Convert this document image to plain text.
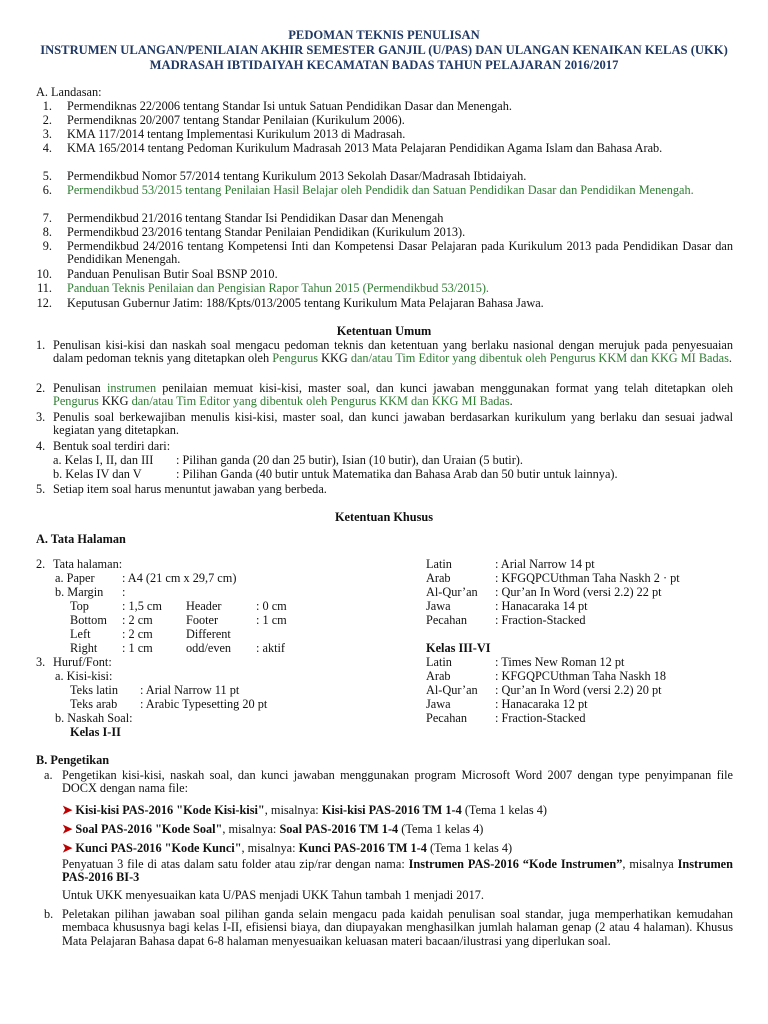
PEDOMAN TEKNIS PENULISAN
INSTRUMEN ULANGAN/PENILAIAN AKHIR SEMESTER GANJIL (U/PAS) DAN ULANGAN KENAIKAN KELAS (UKK)
MADRASAH IBTIDAIYAH KECAMATAN BADAS TAHUN PELAJARAN 2016/2017
A. Landasan:
1. Permendiknas 22/2006 tentang Standar Isi untuk Satuan Pendidikan Dasar dan Menengah.
2. Permendiknas 20/2007 tentang Standar Penilaian (Kurikulum 2006).
3. KMA 117/2014 tentang Implementasi Kurikulum 2013 di Madrasah.
4. KMA 165/2014 tentang Pedoman Kurikulum Madrasah 2013 Mata Pelajaran Pendidikan Agama Islam dan Bahasa Arab.
5. Permendikbud Nomor 57/2014 tentang Kurikulum 2013 Sekolah Dasar/Madrasah Ibtidaiyah.
6. Permendikbud 53/2015 tentang Penilaian Hasil Belajar oleh Pendidik dan Satuan Pendidikan Dasar dan Pendidikan Menengah.
7. Permendikbud 21/2016 tentang Standar Isi Pendidikan Dasar dan Menengah
8. Permendikbud 23/2016 tentang Standar Penilaian Pendidikan (Kurikulum 2013).
9. Permendikbud 24/2016 tentang Kompetensi Inti dan Kompetensi Dasar Pelajaran pada Kurikulum 2013 pada Pendidikan Dasar dan Pendidikan Menengah.
10. Panduan Penulisan Butir Soal BSNP 2010.
11. Panduan Teknis Penilaian dan Pengisian Rapor Tahun 2015 (Permendikbud 53/2015).
12. Keputusan Gubernur Jatim: 188/Kpts/013/2005 tentang Kurikulum Mata Pelajaran Bahasa Jawa.
Ketentuan Umum
1. Penulisan kisi-kisi dan naskah soal mengacu pedoman teknis dan ketentuan yang berlaku nasional dengan merujuk pada penyesuaian dalam pedoman teknis yang ditetapkan oleh Pengurus KKG dan/atau Tim Editor yang dibentuk oleh Pengurus KKM dan KKG MI Badas.
2. Penulisan instrumen penilaian memuat kisi-kisi, master soal, dan kunci jawaban menggunakan format yang telah ditetapkan oleh Pengurus KKG dan/atau Tim Editor yang dibentuk oleh Pengurus KKM dan KKG MI Badas.
3. Penulis soal berkewajiban menulis kisi-kisi, master soal, dan kunci jawaban berdasarkan kurikulum yang berlaku dan sesuai jadwal kegiatan yang ditetapkan.
4. Bentuk soal terdiri dari:
a. Kelas I, II, dan III : Pilihan ganda (20 dan 25 butir), Isian (10 butir), dan Uraian (5 butir).
b. Kelas IV dan V	: Pilihan Ganda (40 butir untuk Matematika dan Bahasa Arab dan 50 butir untuk lainnya).
5. Setiap item soal harus menuntut jawaban yang berbeda.
Ketentuan Khusus
A. Tata Halaman
2. Tata halaman:
a. Paper : A4 (21 cm x 29,7 cm)
b. Margin :
Top	: 1,5 cm Header	: 0 cm
Bottom : 2 cm	Footer	: 1 cm
Left	: 2 cm	Different
Right : 1 cm	odd/even : aktif
3. Huruf/Font:
a. Kisi-kisi:
Teks latin : Arial Narrow 11 pt
Teks arab : Arabic Typesetting 20 pt
b. Naskah Soal:
Kelas I-II
Latin	: Arial Narrow 14 pt
Arab	: KFGQPCUthman Taha Naskh 2 · pt
Al-Qur’an : Qur’an In Word (versi 2.2) 22 pt
Jawa	: Hanacaraka 14 pt
Pecahan : Fraction-Stacked
Kelas III-VI
Latin	: Times New Roman 12 pt
Arab	: KFGQPCUthman Taha Naskh 18
Al-Qur’an : Qur’an In Word (versi 2.2) 20 pt
Jawa	: Hanacaraka 12 pt
Pecahan : Fraction-Stacked
B. Pengetikan
a. Pengetikan kisi-kisi, naskah soal, dan kunci jawaban menggunakan program Microsoft Word 2007 dengan type penyimpanan file DOCX dengan nama file:
➤ Kisi-kisi PAS-2016 "Kode Kisi-kisi", misalnya: Kisi-kisi PAS-2016 TM 1-4 (Tema 1 kelas 4)
➤ Soal PAS-2016 "Kode Soal", misalnya: Soal PAS-2016 TM 1-4 (Tema 1 kelas 4)
➤ Kunci PAS-2016 "Kode Kunci", misalnya: Kunci PAS-2016 TM 1-4 (Tema 1 kelas 4)
Penyatuan 3 file di atas dalam satu folder atau zip/rar dengan nama: Instrumen PAS-2016 “Kode Instrumen”, misalnya Instrumen PAS-2016 BI-3
Untuk UKK menyesuaikan kata U/PAS menjadi UKK Tahun tambah 1 menjadi 2017.
b. Peletakan pilihan jawaban soal pilihan ganda selain mengacu pada kaidah penulisan soal standar, juga memperhatikan kemudahan membaca khususnya bagi kelas I-II, efisiensi biaya, dan diupayakan menghasilkan jumlah halaman genap (2 atau 4 halaman). Khusus Mata Pelajaran Bahasa dapat 6-8 halaman menyesuaikan keluasan materi bacaan/ilustrasi yang diperlukan soal.
